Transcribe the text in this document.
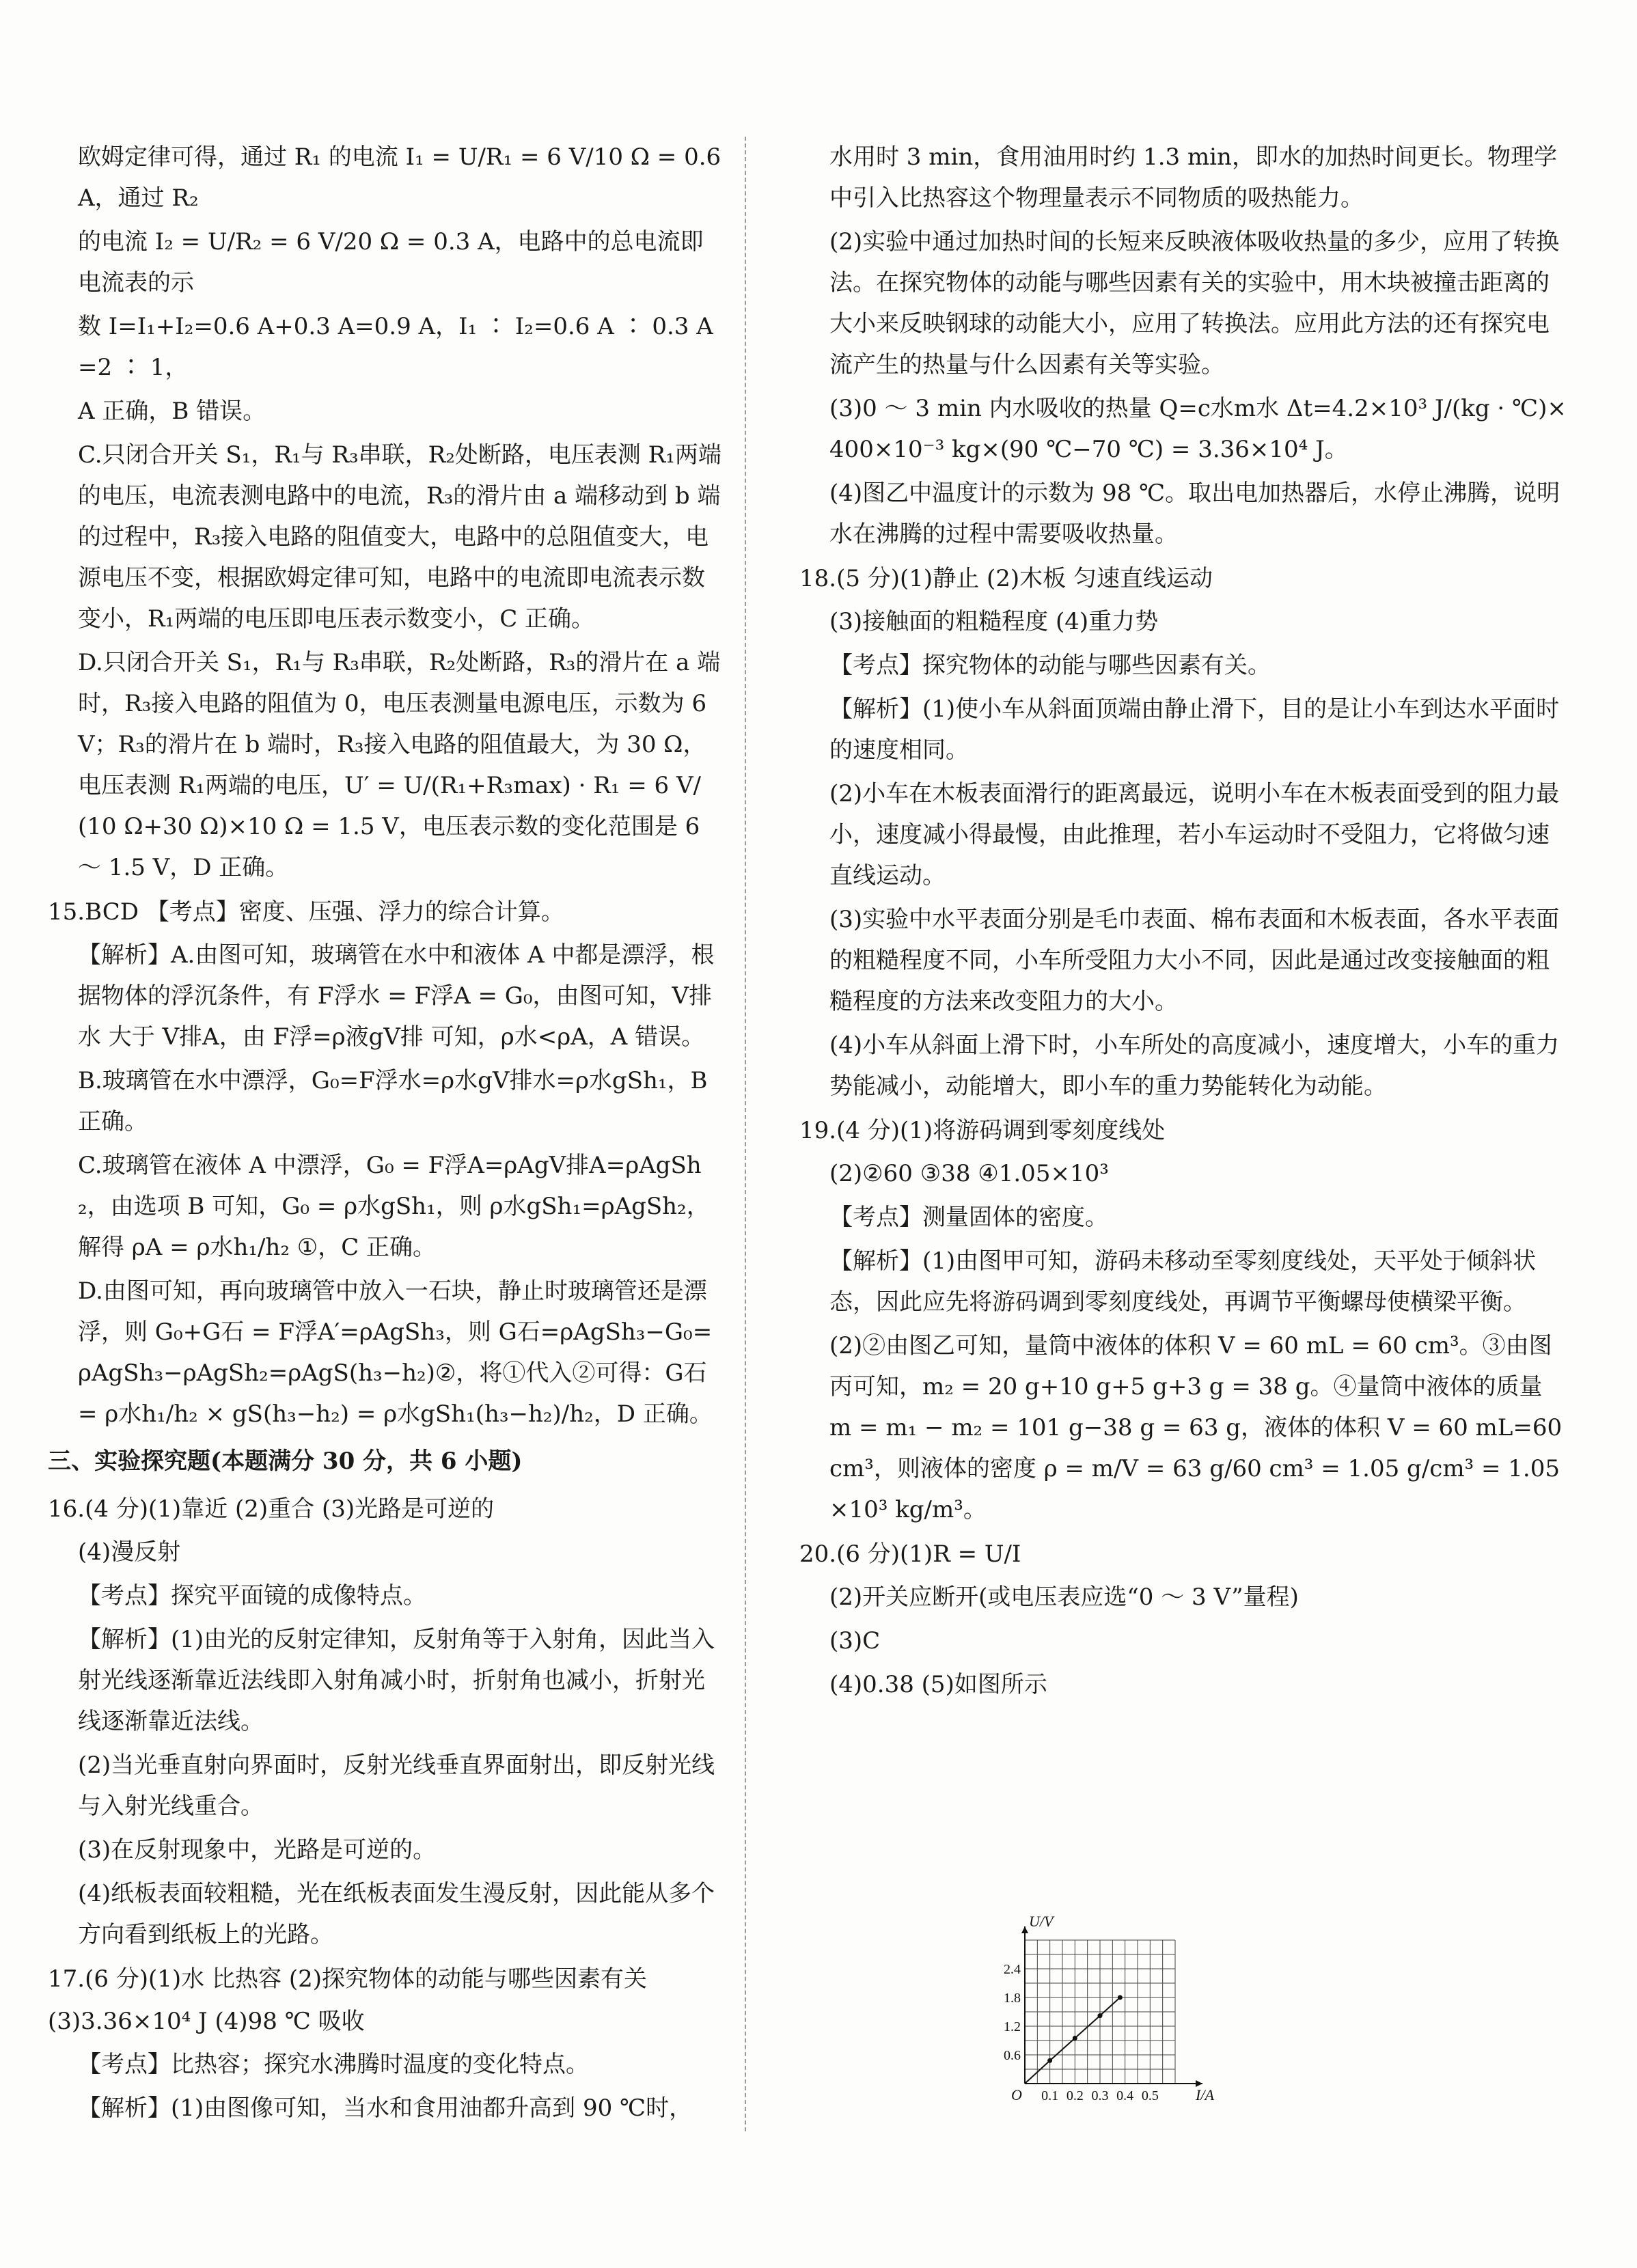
欧姆定律可得，通过 R₁ 的电流 I₁ = U/R₁ = 6 V/10 Ω = 0.6 A，通过 R₂

的电流 I₂ = U/R₂ = 6 V/20 Ω = 0.3 A，电路中的总电流即电流表的示

数 I=I₁+I₂=0.6 A+0.3 A=0.9 A，I₁ ∶ I₂=0.6 A ∶ 0.3 A=2 ∶ 1，

A 正确，B 错误。

C.只闭合开关 S₁，R₁与 R₃串联，R₂处断路，电压表测 R₁两端的电压，电流表测电路中的电流，R₃的滑片由 a 端移动到 b 端的过程中，R₃接入电路的阻值变大，电路中的总阻值变大，电源电压不变，根据欧姆定律可知，电路中的电流即电流表示数变小，R₁两端的电压即电压表示数变小，C 正确。

D.只闭合开关 S₁，R₁与 R₃串联，R₂处断路，R₃的滑片在 a 端时，R₃接入电路的阻值为 0，电压表测量电源电压，示数为 6 V；R₃的滑片在 b 端时，R₃接入电路的阻值最大，为 30 Ω，电压表测 R₁两端的电压，U′ = U/(R₁+R₃max) · R₁ = 6 V/(10 Ω+30 Ω)×10 Ω = 1.5 V，电压表示数的变化范围是 6 ～ 1.5 V，D 正确。

15.BCD 【考点】密度、压强、浮力的综合计算。

【解析】A.由图可知，玻璃管在水中和液体 A 中都是漂浮，根据物体的浮沉条件，有 F浮水 = F浮A = G₀，由图可知，V排水 大于 V排A，由 F浮=ρ液gV排 可知，ρ水<ρA，A 错误。

B.玻璃管在水中漂浮，G₀=F浮水=ρ水gV排水=ρ水gSh₁，B 正确。

C.玻璃管在液体 A 中漂浮，G₀ = F浮A=ρAgV排A=ρAgSh₂，由选项 B 可知，G₀ = ρ水gSh₁，则 ρ水gSh₁=ρAgSh₂，解得 ρA = ρ水h₁/h₂ ①，C 正确。

D.由图可知，再向玻璃管中放入一石块，静止时玻璃管还是漂浮，则 G₀+G石 = F浮A′=ρAgSh₃，则 G石=ρAgSh₃−G₀=ρAgSh₃−ρAgSh₂=ρAgS(h₃−h₂)②，将①代入②可得：G石 = ρ水h₁/h₂ × gS(h₃−h₂) = ρ水gSh₁(h₃−h₂)/h₂，D 正确。

三、实验探究题(本题满分 30 分，共 6 小题)

16.(4 分)(1)靠近 (2)重合 (3)光路是可逆的

(4)漫反射

【考点】探究平面镜的成像特点。

【解析】(1)由光的反射定律知，反射角等于入射角，因此当入射光线逐渐靠近法线即入射角减小时，折射角也减小，折射光线逐渐靠近法线。

(2)当光垂直射向界面时，反射光线垂直界面射出，即反射光线与入射光线重合。

(3)在反射现象中，光路是可逆的。

(4)纸板表面较粗糙，光在纸板表面发生漫反射，因此能从多个方向看到纸板上的光路。

17.(6 分)(1)水 比热容 (2)探究物体的动能与哪些因素有关 (3)3.36×10⁴ J (4)98 ℃ 吸收

【考点】比热容；探究水沸腾时温度的变化特点。

【解析】(1)由图像可知，当水和食用油都升高到 90 ℃时，

水用时 3 min，食用油用时约 1.3 min，即水的加热时间更长。物理学中引入比热容这个物理量表示不同物质的吸热能力。

(2)实验中通过加热时间的长短来反映液体吸收热量的多少，应用了转换法。在探究物体的动能与哪些因素有关的实验中，用木块被撞击距离的大小来反映钢球的动能大小，应用了转换法。应用此方法的还有探究电流产生的热量与什么因素有关等实验。

(3)0 ～ 3 min 内水吸收的热量 Q=c水m水 Δt=4.2×10³ J/(kg · ℃)×400×10⁻³ kg×(90 ℃−70 ℃) = 3.36×10⁴ J。

(4)图乙中温度计的示数为 98 ℃。取出电加热器后，水停止沸腾，说明水在沸腾的过程中需要吸收热量。

18.(5 分)(1)静止 (2)木板 匀速直线运动

(3)接触面的粗糙程度 (4)重力势

【考点】探究物体的动能与哪些因素有关。

【解析】(1)使小车从斜面顶端由静止滑下，目的是让小车到达水平面时的速度相同。

(2)小车在木板表面滑行的距离最远，说明小车在木板表面受到的阻力最小，速度减小得最慢，由此推理，若小车运动时不受阻力，它将做匀速直线运动。

(3)实验中水平表面分别是毛巾表面、棉布表面和木板表面，各水平表面的粗糙程度不同，小车所受阻力大小不同，因此是通过改变接触面的粗糙程度的方法来改变阻力的大小。

(4)小车从斜面上滑下时，小车所处的高度减小，速度增大，小车的重力势能减小，动能增大，即小车的重力势能转化为动能。

19.(4 分)(1)将游码调到零刻度线处

(2)②60 ③38 ④1.05×10³

【考点】测量固体的密度。

【解析】(1)由图甲可知，游码未移动至零刻度线处，天平处于倾斜状态，因此应先将游码调到零刻度线处，再调节平衡螺母使横梁平衡。

(2)②由图乙可知，量筒中液体的体积 V = 60 mL = 60 cm³。③由图丙可知，m₂ = 20 g+10 g+5 g+3 g = 38 g。④量筒中液体的质量 m = m₁ − m₂ = 101 g−38 g = 63 g，液体的体积 V = 60 mL=60 cm³，则液体的密度 ρ = m/V = 63 g/60 cm³ = 1.05 g/cm³ = 1.05×10³ kg/m³。

20.(6 分)(1)R = U/I

(2)开关应断开(或电压表应选“0 ～ 3 V”量程)

(3)C

(4)0.38 (5)如图所示

0.1 0.2 0.3 0.4 0.5
0.6
1.2
1.8
2.4
O	I/A
U/V
